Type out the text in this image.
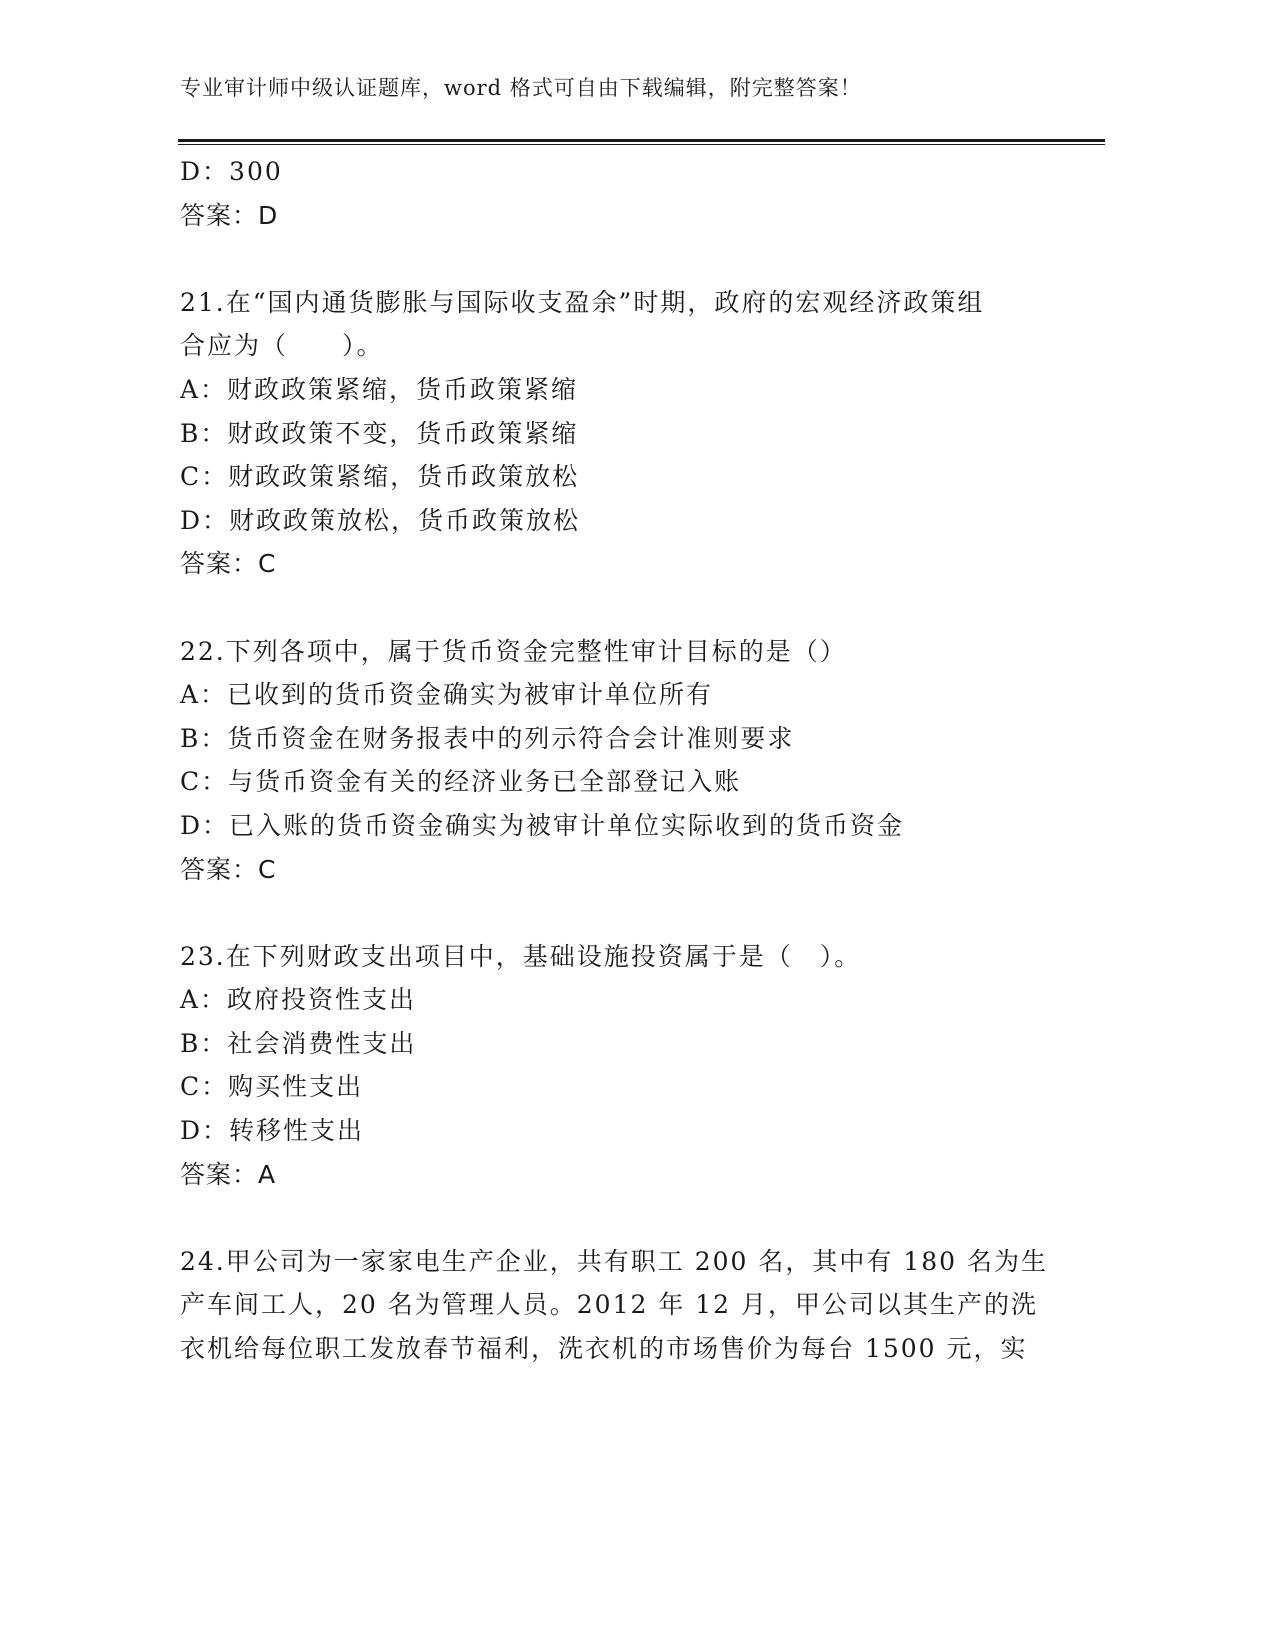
专业审计师中级认证题库，word 格式可自由下载编辑，附完整答案！
D：300
答案：D
21.在“国内通货膨胀与国际收支盈余”时期，政府的宏观经济政策组
合应为（　　）。
A：财政政策紧缩，货币政策紧缩
B：财政政策不变，货币政策紧缩
C：财政政策紧缩，货币政策放松
D：财政政策放松，货币政策放松
答案：C
22.下列各项中，属于货币资金完整性审计目标的是（）
A：已收到的货币资金确实为被审计单位所有
B：货币资金在财务报表中的列示符合会计准则要求
C：与货币资金有关的经济业务已全部登记入账
D：已入账的货币资金确实为被审计单位实际收到的货币资金
答案：C
23.在下列财政支出项目中，基础设施投资属于是（　）。
A：政府投资性支出
B：社会消费性支出
C：购买性支出
D：转移性支出
答案：A
24.甲公司为一家家电生产企业，共有职工 200 名，其中有 180 名为生
产车间工人，20 名为管理人员。2012 年 12 月，甲公司以其生产的洗
衣机给每位职工发放春节福利，洗衣机的市场售价为每台 1500 元，实
